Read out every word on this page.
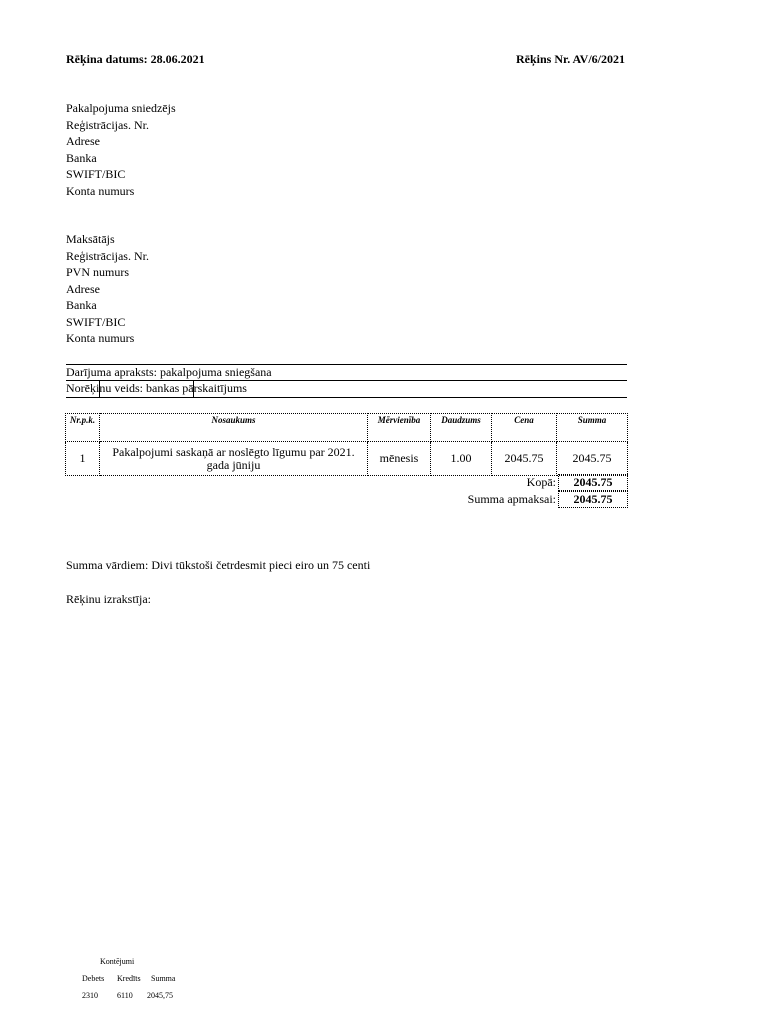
Rēķina datums: 28.06.2021	Rēķins Nr. AV/6/2021
Pakalpojuma sniedzējs
Reģistrācijas. Nr.
Adrese
Banka
SWIFT/BIC
Konta numurs
Maksātājs
Reģistrācijas. Nr.
PVN numurs
Adrese
Banka
SWIFT/BIC
Konta numurs
Darījuma apraksts: pakalpojuma sniegšana
Norēķinu veids: bankas pārskaitījums
Nr.p.k.	Nosaukums	Mērvienība	Daudzums	Cena	Summa
1	Pakalpojumi saskaņā ar noslēgto līgumu par 2021. gada jūniju	mēnesis	1.00	2045.75	2045.75
Kopā:	2045.75
Summa apmaksai:	2045.75
Summa vārdiem: Divi tūkstoši četrdesmit pieci eiro un 75 centi
Rēķinu izrakstīja:
Kontējumi
Debets Kredīts Summa
2310 6110 2045,75
